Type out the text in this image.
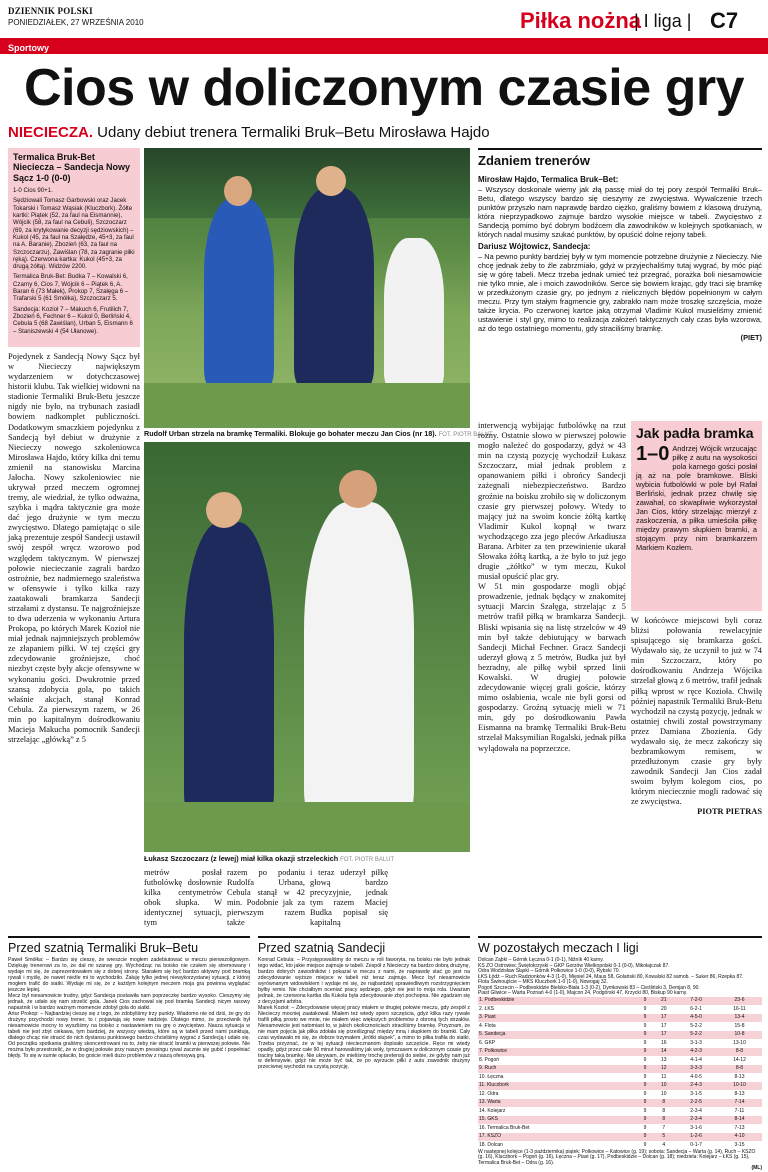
DZIENNIK POLSKI
PONIEDZIAŁEK, 27 WRZEŚNIA 2010	Piłka nożna
| I liga | C7
Sportowy
Cios w doliczonym czasie gry
NIECIECZA. Udany debiut trenera Termaliki Bruk–Betu Mirosława Hajdo
Termalica Bruk-Bet Nieciecza – Sandecja Nowy Sącz 1-0 (0-0)

1-0 Cios 90+1.

Sędziowali Tomasz Garbowski oraz Jacek Tokarski i Tomasz Wąsiak (Kluczbork). Żółte kartki: Piątek (52, za faul na Eismannie), Wójcik (58, za faul na Cebuli), Szczoczarz (69, za krytykowanie decyzji sędziowskich) – Kukol (45, za faul na Szałędze, 45+3, za faul na A. Baranie), Zbozień (63, za faul na Szczoczarzu), Zawiślan (78, za zagranie piłki ręką). Czerwona kartka: Kukol (45+3, za drugą żółtą). Widzów 2200.

Termalica Bruk-Bet: Budka 7 – Kowalski 6, Czarny 6, Cios 7, Wójcik 6 – Piątek 6, A. Baran 6 (73 Małek), Prokop 7, Szałęga 6 – Trafarski 5 (61 Smółka), Szczoczarz 5.

Sandecja: Kozioł 7 – Makuch 6, Frutilich 7, Zbozień 6, Fechner 6 – Kukol 0, Berliński 4, Cebula 5 (68 Zawiślan), Urban 5, Eismann 6 – Staniszewski 4 (54 Ułanowe).

Rudolf Urban strzela na bramkę Termaliki. Blokuje go bohater meczu Jan Cios (nr 18). FOT. PIOTR BALUT
Pojedynek z Sandecją Nowy Sącz był w Niecieczy największym wydarzeniem w dotychczasowej historii klubu. Tak wielkiej widowni na stadionie Termaliki Bruk-Betu jeszcze nigdy nie było, na trybunach zasiadł bowiem nadkomplet publiczności. Dodatkowym smaczkiem pojedynku z Sandecją był debiut w drużynie z Niecieczy nowego szkoleniowca Mirosława Hajdo, który kilka dni temu zmienił na stanowisku Marcina Jałocha. Nowy szkoleniowiec nie ukrywał przed meczem ogromnej tremy, ale wiedział, że tylko odważna, szybka i mądra taktycznie gra może dać jego drużynie w tym meczu zwycięstwo. Dlatego pamiętając o sile jaką prezentuje zespół Sandecji ustawił swój zespół wręcz wzorowo pod względem taktycznym. W pierwszej połowie niecieczanie zagrali bardzo ostrożnie, bez nadmiernego szaleństwa w ofensywie i tylko kilka razy zaatakowali bramkarza Sandecji strzałami z dystansu. Te najgroźniejsze to dwa uderzenia w wykonaniu Artura Prokopa, po których Marek Kozioł nie miał jednak najmniejszych problemów ze złapaniem piłki. W tej części gry zdecydowanie groźniejsze, choć niezbyt częste były akcje ofensywne w wykonaniu gości. Dwukrotnie przed szansą zdobycia gola, po takich właśnie akcjach, stanął Konrad Cebula. Za pierwszym razem, w 26 min po kapitalnym dośrodkowaniu Macieja Makucha pomocnik Sandecji strzelając „główką” z 5
Łukasz Szczoczarz (z lewej) miał kilka okazji strzeleckich FOT. PIOTR BALUT
metrów posłał futbolówkę dosłownie kilka centymetrów obok słupka. W identycznej sytuacji, tym
razem po podaniu Rudolfa Urbana, Cebula stanął w 42 min. Podobnie jak za pierwszym razem także
i teraz uderzył piłkę głową bardzo precyzyjnie, jednak tym razem Maciej Budka popisał się kapitalną
interwencją wybijając futbolówkę na rzut rożny. Ostatnie słowo w pierwszej połowie mogło należeć do gospodarzy, gdyż w 43 min na czystą pozycję wychodził Łukasz Szczoczarz, miał jednak problem z opanowaniem piłki i obrońcy Sandecji zażegnali niebezpieczeństwo. Bardzo groźnie na boisku zrobiło się w doliczonym czasie gry pierwszej połowy. Wtedy to mający już na swoim koncie żółtą kartkę Vladimir Kukol kopnął w twarz wychodzącego zza jego pleców Arkadiusza Barana. Arbiter za ten przewinienie ukarał Słowaka żółtą kartką, a że było to już jego drugie „żółtko” w tym meczu, Kukol musiał opuścić plac gry.
W 51 min gospodarze mogli objąć prowadzenie, jednak będący w znakomitej sytuacji Marcin Szałęga, strzelając z 5 metrów trafił piłką w bramkarza Sandecji. Bliski wpisania się na listę strzelców w 49 min był także debiutujący w barwach Sandecji Michał Fechner. Gracz Sandecji uderzył głową z 5 metrów, Budka już był bezradny, ale piłkę wybił sprzed linii Kowalski. W drugiej połowie zdecydowanie więcej grali goście, którzy mimo osłabienia, wcale nie byli gorsi od gospodarzy. Groźną sytuację mieli w 71 min, gdy po dośrodkowaniu Pawła Eismanna na bramkę Termaliki Bruk-Betu strzelał Maksymilian Rogalski, jednak piłka wylądowała na poprzeczce.
Jak padła bramka
1–0 Andrzej Wójcik wrzucając piłkę z autu na wysokości pola karnego gości posłał ją aż na pole bramkowe. Bliski wybicia futbolówki w pole był Rafał Berliński, jednak przez chwilę się zawahał, co skwapliwie wykorzystał Jan Cios, który strzelając mierzył z zaskoczenia, a piłka umieściła piłkę między prawym słupkiem bramki, a stojącym przy nim bramkarzem Markiem Kozłem.
W końcówce miejscowi byli coraz bliżsi połowania rewelacyjnie spisującego się bramkarza gości. Wydawało się, że uczynił to już w 74 min Szczoczarz, który po dośrodkowaniu Andrzeja Wójcika strzelał głową z 6 metrów, trafił jednak piłką wprost w ręce Kozioła. Chwilę później napastnik Termaliki Bruk-Betu wychodził na czystą pozycję, jednak w ostatniej chwili został powstrzymany przez Damiana Zbozienia. Gdy wydawało się, że mecz zakończy się bezbramkowym remisem, w przedłużonym czasie gry były zawodnik Sandecji Jan Cios zadał swoim byłym kolegom cios, po którym nieciecznie mogli radować się ze zwycięstwa.
PIOTR PIETRAS
Zdaniem trenerów
Mirosław Hajdo, Termalica Bruk–Bet:
– Wszyscy doskonale wiemy jak złą passę miał do tej pory zespół Termaliki Bruk–Betu, dlatego wszyscy bardzo się cieszymy ze zwycięstwa. Wywalczenie trzech punktów przyszło nam naprawdę bardzo ciężko, graliśmy bowiem z klasową drużyną, która nieprzypadkowo zajmuje bardzo wysokie miejsce w tabeli. Zwycięstwo z Sandecją pomimo być dobrym bodźcem dla zawodników w kolejnych spotkaniach, w których nadal musimy szukać punktów, by opuścić dolne rejony tabeli.
Dariusz Wójtowicz, Sandecja:
– Na pewno punkty bardziej były w tym momencie potrzebne drużynie z Niecieczy. Nie chcę jednak żeby to źle zabrzmiało, gdyż w przyjechaliśmy tutaj wygrać, by móc piąć się w górę tabeli. Mecz trzeba jednak umieć też przegrać, porażka boli niesamowicie nie tylko mnie, ale i moich zawodników. Serce się bowiem krając, gdy traci się bramkę w przedłużonym czasie gry, po jednym z nielicznych błędów popełnionym w całym meczu. Przy tym stałym fragmencie gry, zabrakło nam może troszkę szczęścia, może także krycia. Po czerwonej kartce jaką otrzymał Vladimir Kukol musieliśmy zmienić ustawienie i styl gry, mimo to realizacja założeń taktycznych cały czas była wzorowa, aż do tego ostatniego momentu, gdy straciliśmy bramkę.
(PIET)
Przed szatnią Termaliki Bruk–Betu	Przed szatnią Sandecji	W pozostałych meczach I ligi
Paweł Smółka: – Bardzo się cieszę, że wreszcie mogłem zadebiutować w meczu pierwszoligowym. Dziękuję trenerowi za to, że dał mi szansę gry. Wychodząc na boisko nie czułem się stremowany i wydaje mi się, że zaprezentowałem się z dobrej strony. Starałem się być bardzo aktywny pod bramką rywali i myślę, że nawet nieźle mi to wychodziło. Żałuję tylko jednej niewykorzystanej sytuacji, z której mogłem trafić do siatki. Wydaje mi się, że z każdym kolejnym meczem moja gra powinna wyglądać jeszcze lepiej.
Mecz był niesamowicie trudny, gdyż Sandecja postawiła nam poprzeczkę bardzo wysoko. Cieszymy się jednak, że udało się nam strzelić gola. Janek Cios zachował się pod bramką Sandecji nicym rasowy napastnik i w bardzo ważnym momencie zdobył gola do siatki.
Artur Prokop: – Najbardziej cieszę się z tego, że zdobyliśmy trzy punkty. Wiadomo nie od dziś, że gry do drużyny przychodzi nowy trener, to i pojawiają się nowe nadzieje. Dlatego mimo, że przeciwnik był niesamowicie mocny to wyszliśmy na boisko z nastawieniem na grę o zwycięstwo. Nasza sytuacja w tabeli nie jest zbyt ciekawa, tym bardziej, że wszyscy wiedzą, które są w tabeli przed nami punktują, dlatego chcąc nie stracić do nich dystansu punktowego bardzo chcieliśmy wygrać z Sandecją i udało się. Od początku spotkania graliśmy skoncentrowani na to, żeby nie stracić bramki w pierwszej połowie. Nie można było przestrzelić, że w drugiej połowie przy naszym pressingu rywal zacznie się gubić i popełniać błędy. To się w sumie opłaciło, bo goście mieli dużo problemów z naszą ofensywą grą.
Konrad Cebula: – Przystępowaliśmy do meczu w roli faworyta, na boisku nie było jednak tego widać, kto jakie miejsce zajmuje w tabeli. Zespół z Niecieczy na bardzo dobrą drużynę, bardzo dobrych zawodników i pokazał w meczu z nami, że naprawdę stać go jest na zdecydowanie wyższe miejsce w tabeli niż teraz zajmuje. Mecz był niesamowicie wyrównanym widowiskiem i wydaje mi się, że najbardziej sprawiedliwym rozstrzygnięciem byłby remis. Nie chciałbym oceniać pracy sędziego, gdyż nie jest to moja rola. Uważam jednak, że czerwona kartka dla Kukola była zdecydowanie zbyt pochopna. Nie zgadzam się z decyzjami arbitra.
Marek Kozioł: – Zdecydowanie więcej pracy miałem w drugiej połowie meczu, gdy zespół z Niecieczy mocniej zaatakował. Miałem też wtedy sporo szczęścia, gdyż kilka razy rywale trafili piłką prosto we mnie, nie miałem więc większych problemów z obroną tych strzałów. Niesamowicie jest natomiast to, w jakich okolicznościach straciliśmy bramkę. Przyznam, że nie mam pojęcia jak piłka zdołała się prześlizgnąć między mną i słupkiem do bramki. Cały czas wydawało mi się, że dobrze trzymałem „krótki słupek”, a mimo to piłka trafiła do siatki. Trzeba przyznać, że w tej sytuacji nieciecznanom dopisało szczęście. Ręce mi wtedy opadły, gdyż przez całe 90 minut harowaliśmy jak woły, tymczasem w doliczonym czasie gry traciny taką bramkę. Nie ukrywam, że mieliśmy trochę pretensji do siebie, że gdyby nam już w defensywie, gdyż nie może być tak, że po wyrzucie piłki z autu zawodnik drużyny przeciwnej wychodzi na czystą pozycję.
Dolcan Ząbki – Górnik Łęczna 0-1 (0-1), Nižník 40 karny.
KS ZO Ostrowiec Świętokrzyski – GKP Gorzów Wielkopolski 0-1 (0-0), Mikołajczak 87.
Odra Wodzisław Śląski – Górnik Polkowice 1-0 (0-0), Rybski 70.
ŁKS Łódź – Ruch Radzionków 4-3 (1-0), Mięsiel 24, Maus 58, Golański 80, Kowalski 82 samob. – Suker 86, Rzepka 87.
Flota Świnoujście – MKS Kluczbork 1-0 (1-0), Nowogaj 32.
Pogoń Szczecin – Podbeskidzie Bielsko-Biała 1-3 (0-2), Dymkowski 83 – Cieśliński 3, Demjan 8, 90.
Piast Gliwice – Warta Poznań 4-0 (1-0), Majcon 24, Podgórski 47, Krzycki 80, Biskup 90 karny.
1. Podbeskidzie	9	21	7-2-0	23-6
2. ŁKS	9	20	6-2-1	16-11
3. Piast	9	17	4-5-0	13-4
4. Flota	9	17	5-2-2	15-8
5. Sandecja	9	17	5-2-2	10-8
6. GKP	9	16	3-1-3	13-10
7. Polkowice	9	14	4-2-3	8-8
8. Pogoń	9	13	4-1-4	14-12
9. Ruch	9	12	3-3-3	8-8
10. Łęczna	9	11	4-0-5	8-13
11. Kluczbork	9	10	2-4-3	10-10
12. Odra	9	10	3-1-5	8-13
13. Warta	9	8	2-2-5	7-14
14. Kolejarz	9	8	2-3-4	7-11
15. GKS	9	8	2-3-4	8-14
16. Termalica Bruk-Bet	9	7	3-1-6	7-13
17. KSZO	9	5	1-2-6	4-10
18. Dolcan	9	4	0-1-7	3-15
W następnej kolejce (1-3 października) piątek: Polkowice – Katowice (g. 19); sobota: Sandecja – Warta (g. 14), Ruch – KSZO (g. 16), Kluczbork – Pogoń (g. 16), Łęczna – Piast (g. 17), Podbeskidzie – Dolcan (g. 18); niedziela: Kolejarz – ŁKS (g. 15), Termalica Bruk-Bet – Odra (g. 16).
(ML)
